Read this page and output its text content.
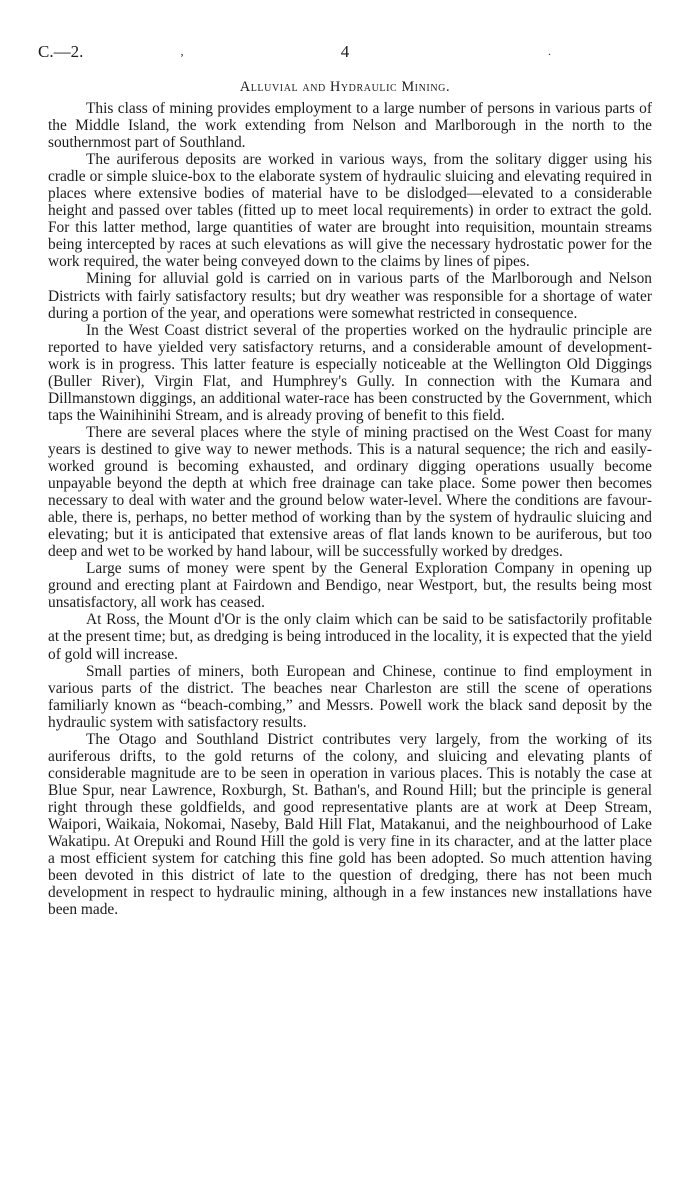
C.—2.	‚	4	.
Alluvial and Hydraulic Mining.

This class of mining provides employment to a large number of persons in various parts of the Middle Island, the work extending from Nelson and Marlborough in the north to the southernmost part of Southland.

The auriferous deposits are worked in various ways, from the solitary digger using his cradle or simple sluice-box to the elaborate system of hydraulic sluicing and elevating required in places where extensive bodies of material have to be dislodged—elevated to a considerable height and passed over tables (fitted up to meet local requirements) in order to extract the gold. For this latter method, large quantities of water are brought into requisition, mountain streams being intercepted by races at such elevations as will give the necessary hydrostatic power for the work required, the water being conveyed down to the claims by lines of pipes.

Mining for alluvial gold is carried on in various parts of the Marlborough and Nelson Districts with fairly satisfactory results; but dry weather was responsible for a shortage of water during a portion of the year, and operations were somewhat restricted in consequence.

In the West Coast district several of the properties worked on the hydraulic principle are reported to have yielded very satisfactory returns, and a considerable amount of development-work is in progress. This latter feature is especially noticeable at the Wellington Old Diggings (Buller River), Virgin Flat, and Humphrey's Gully. In connection with the Kumara and Dillmanstown diggings, an additional water-race has been constructed by the Government, which taps the Wainihinihi Stream, and is already proving of benefit to this field.

There are several places where the style of mining practised on the West Coast for many years is destined to give way to newer methods. This is a natural sequence; the rich and easily-worked ground is becoming exhausted, and ordinary digging operations usually become unpayable beyond the depth at which free drainage can take place. Some power then becomes necessary to deal with water and the ground below water-level. Where the conditions are favourable, there is, perhaps, no better method of working than by the system of hydraulic sluicing and elevating; but it is anticipated that extensive areas of flat lands known to be auriferous, but too deep and wet to be worked by hand labour, will be successfully worked by dredges.

Large sums of money were spent by the General Exploration Company in opening up ground and erecting plant at Fairdown and Bendigo, near Westport, but, the results being most unsatisfactory, all work has ceased.

At Ross, the Mount d'Or is the only claim which can be said to be satisfactorily profitable at the present time; but, as dredging is being introduced in the locality, it is expected that the yield of gold will increase.

Small parties of miners, both European and Chinese, continue to find employment in various parts of the district. The beaches near Charleston are still the scene of operations familiarly known as “beach-combing,” and Messrs. Powell work the black sand deposit by the hydraulic system with satisfactory results.

The Otago and Southland District contributes very largely, from the working of its auriferous drifts, to the gold returns of the colony, and sluicing and elevating plants of considerable magnitude are to be seen in operation in various places. This is notably the case at Blue Spur, near Lawrence, Roxburgh, St. Bathan's, and Round Hill; but the principle is general right through these goldfields, and good representative plants are at work at Deep Stream, Waipori, Waikaia, Nokomai, Naseby, Bald Hill Flat, Matakanui, and the neighbourhood of Lake Wakatipu. At Orepuki and Round Hill the gold is very fine in its character, and at the latter place a most efficient system for catching this fine gold has been adopted. So much attention having been devoted in this district of late to the question of dredging, there has not been much development in respect to hydraulic mining, although in a few instances new installations have been made.
